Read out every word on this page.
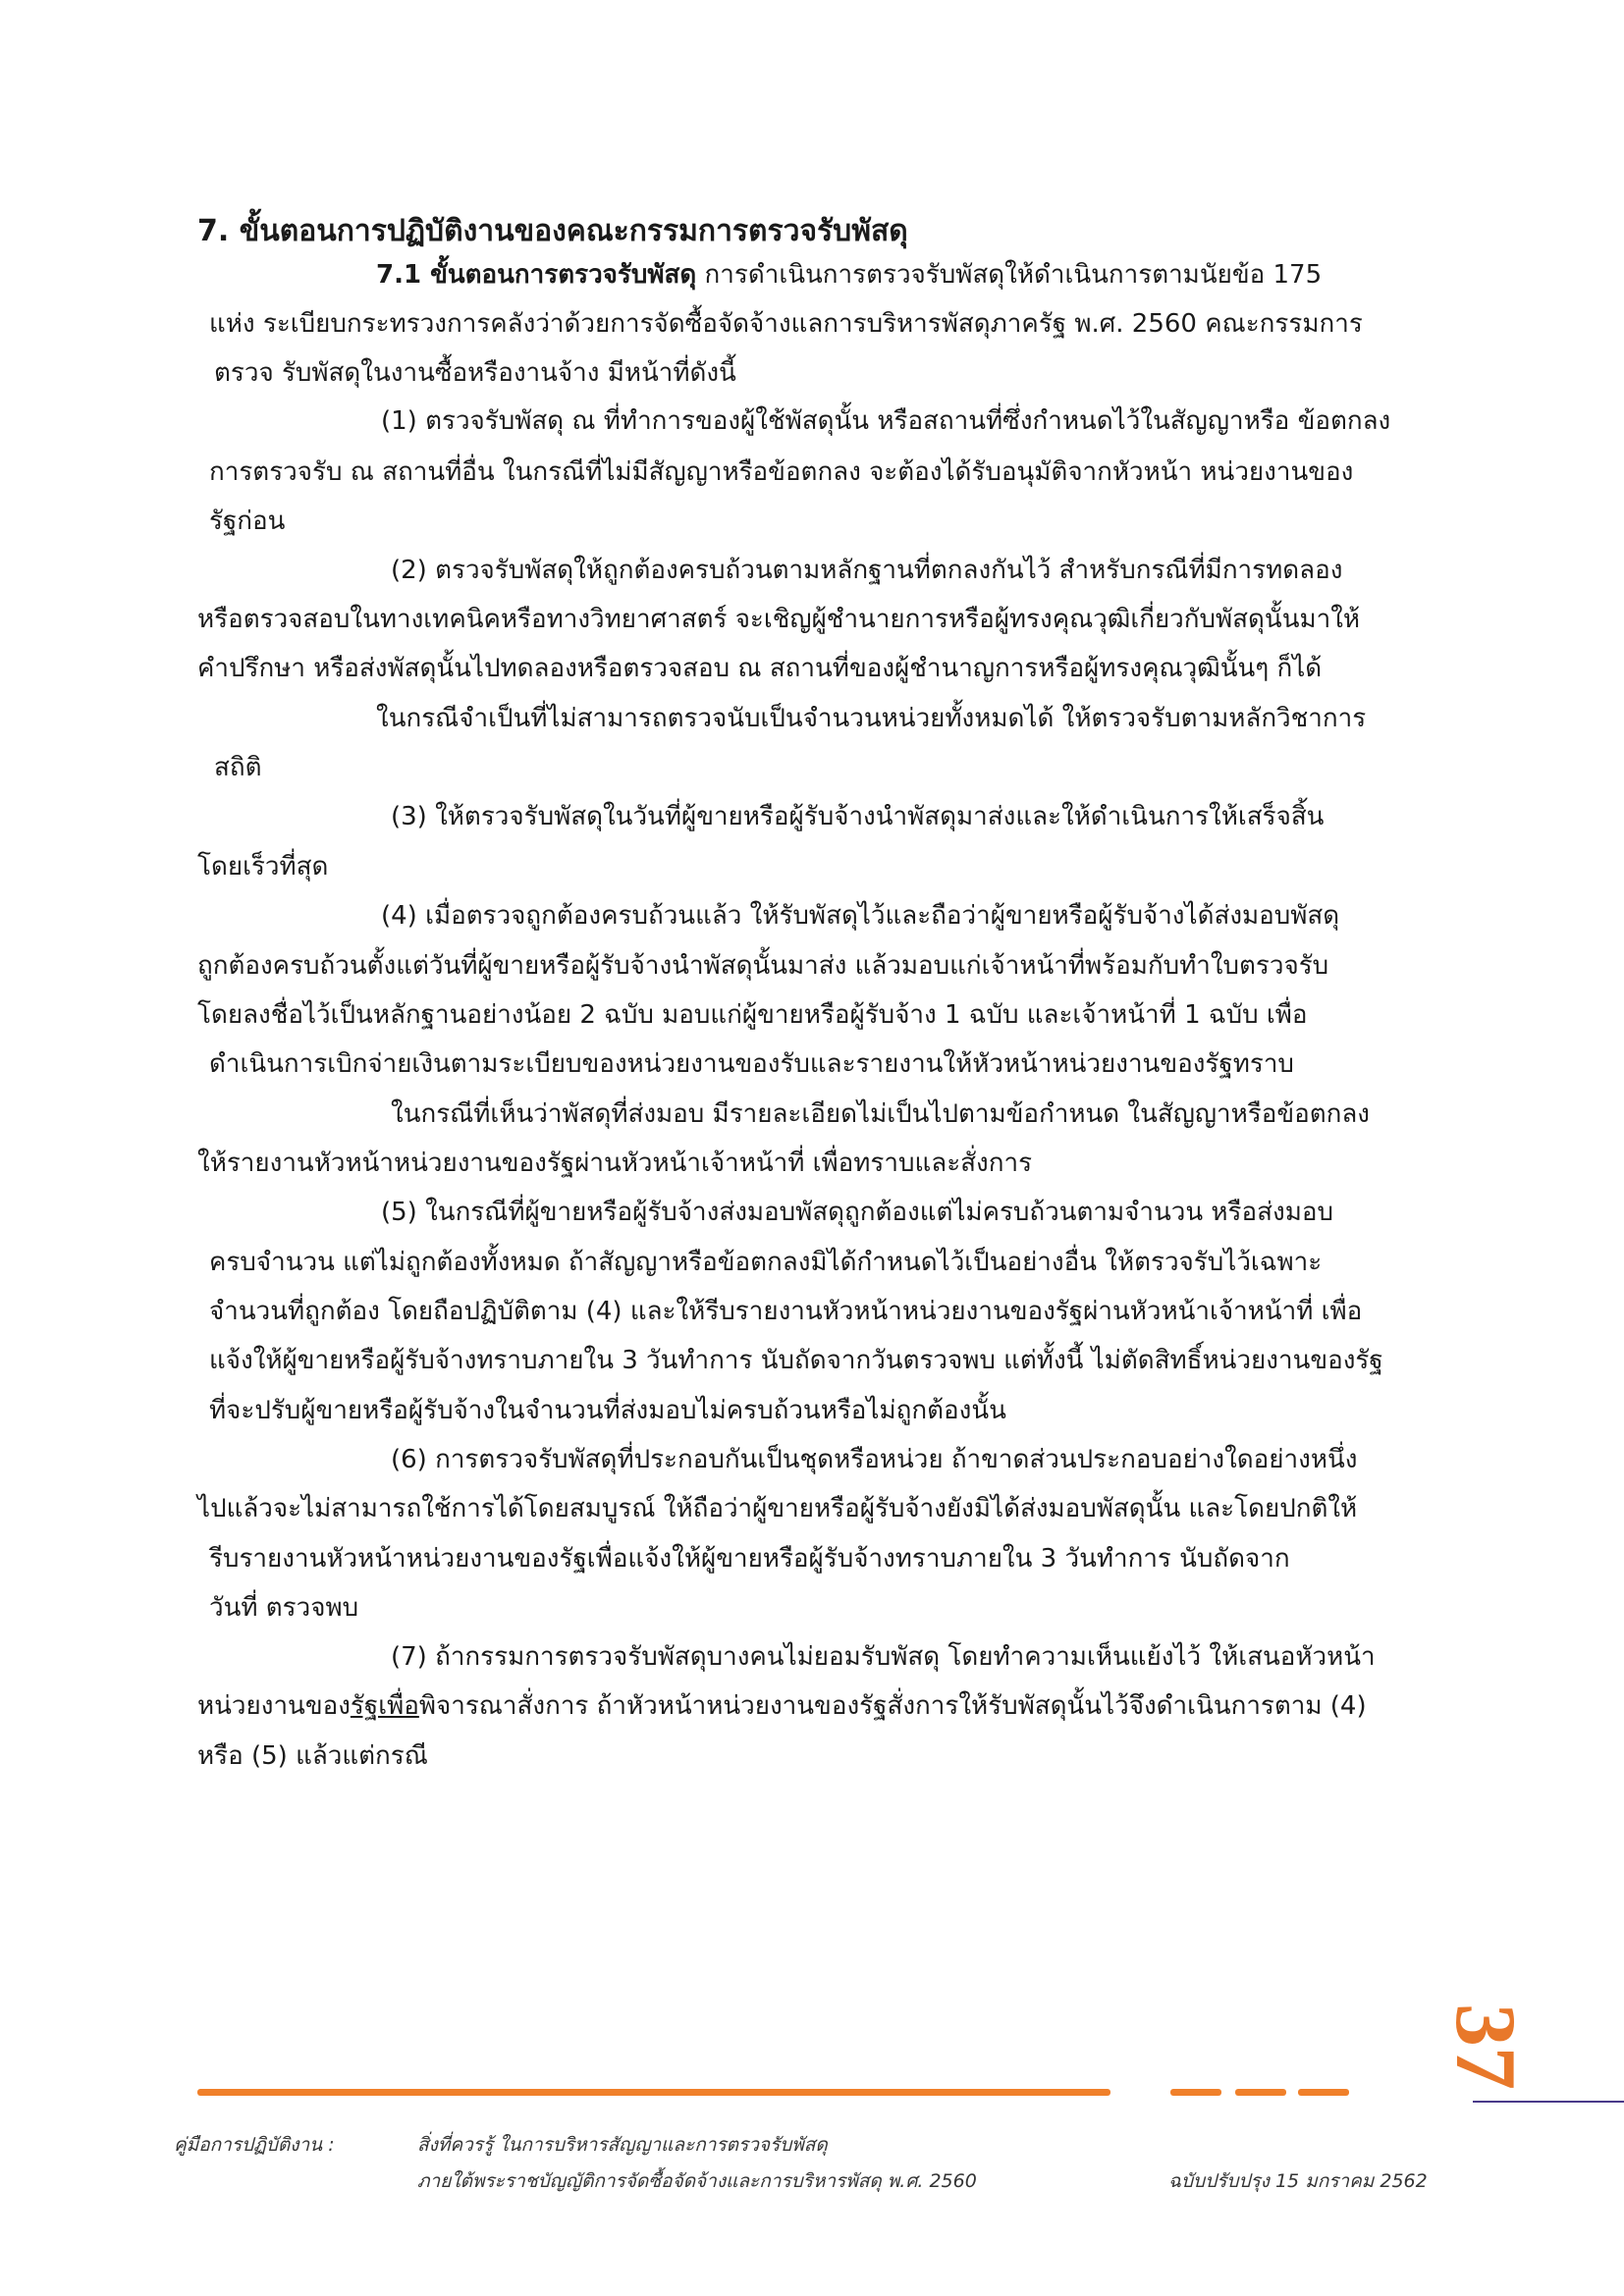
7. ขั้นตอนการปฏิบัติงานของคณะกรรมการตรวจรับพัสดุ

7.1 ขั้นตอนการตรวจรับพัสดุ การดำเนินการตรวจรับพัสดุให้ดำเนินการตามนัยข้อ 175

แห่ง ระเบียบกระทรวงการคลังว่าด้วยการจัดซื้อจัดจ้างแลการบริหารพัสดุภาครัฐ พ.ศ. 2560 คณะกรรมการ

ตรวจ รับพัสดุในงานซื้อหรืองานจ้าง มีหน้าที่ดังนี้

(1) ตรวจรับพัสดุ ณ ที่ทำการของผู้ใช้พัสดุนั้น หรือสถานที่ซึ่งกำหนดไว้ในสัญญาหรือ ข้อตกลง

การตรวจรับ ณ สถานที่อื่น ในกรณีที่ไม่มีสัญญาหรือข้อตกลง จะต้องได้รับอนุมัติจากหัวหน้า หน่วยงานของ

รัฐก่อน

(2) ตรวจรับพัสดุให้ถูกต้องครบถ้วนตามหลักฐานที่ตกลงกันไว้ สำหรับกรณีที่มีการทดลอง

หรือตรวจสอบในทางเทคนิคหรือทางวิทยาศาสตร์ จะเชิญผู้ชำนายการหรือผู้ทรงคุณวุฒิเกี่ยวกับพัสดุนั้นมาให้

คำปรึกษา หรือส่งพัสดุนั้นไปทดลองหรือตรวจสอบ ณ สถานที่ของผู้ชำนาญการหรือผู้ทรงคุณวุฒินั้นๆ ก็ได้

ในกรณีจำเป็นที่ไม่สามารถตรวจนับเป็นจำนวนหน่วยทั้งหมดได้ ให้ตรวจรับตามหลักวิชาการ

สถิติ

(3) ให้ตรวจรับพัสดุในวันที่ผู้ขายหรือผู้รับจ้างนำพัสดุมาส่งและให้ดำเนินการให้เสร็จสิ้น

โดยเร็วที่สุด

(4) เมื่อตรวจถูกต้องครบถ้วนแล้ว ให้รับพัสดุไว้และถือว่าผู้ขายหรือผู้รับจ้างได้ส่งมอบพัสดุ

ถูกต้องครบถ้วนตั้งแต่วันที่ผู้ขายหรือผู้รับจ้างนำพัสดุนั้นมาส่ง แล้วมอบแก่เจ้าหน้าที่พร้อมกับทำใบตรวจรับ

โดยลงชื่อไว้เป็นหลักฐานอย่างน้อย 2 ฉบับ มอบแก่ผู้ขายหรือผู้รับจ้าง 1 ฉบับ และเจ้าหน้าที่ 1 ฉบับ เพื่อ

ดำเนินการเบิกจ่ายเงินตามระเบียบของหน่วยงานของรับและรายงานให้หัวหน้าหน่วยงานของรัฐทราบ

ในกรณีที่เห็นว่าพัสดุที่ส่งมอบ มีรายละเอียดไม่เป็นไปตามข้อกำหนด ในสัญญาหรือข้อตกลง

ให้รายงานหัวหน้าหน่วยงานของรัฐผ่านหัวหน้าเจ้าหน้าที่ เพื่อทราบและสั่งการ

(5) ในกรณีที่ผู้ขายหรือผู้รับจ้างส่งมอบพัสดุถูกต้องแต่ไม่ครบถ้วนตามจำนวน หรือส่งมอบ

ครบจำนวน แต่ไม่ถูกต้องทั้งหมด ถ้าสัญญาหรือข้อตกลงมิได้กำหนดไว้เป็นอย่างอื่น ให้ตรวจรับไว้เฉพาะ

จำนวนที่ถูกต้อง โดยถือปฏิบัติตาม (4) และให้รีบรายงานหัวหน้าหน่วยงานของรัฐผ่านหัวหน้าเจ้าหน้าที่ เพื่อ

แจ้งให้ผู้ขายหรือผู้รับจ้างทราบภายใน 3 วันทำการ นับถัดจากวันตรวจพบ แต่ทั้งนี้ ไม่ตัดสิทธิ์หน่วยงานของรัฐ

ที่จะปรับผู้ขายหรือผู้รับจ้างในจำนวนที่ส่งมอบไม่ครบถ้วนหรือไม่ถูกต้องนั้น

(6) การตรวจรับพัสดุที่ประกอบกันเป็นชุดหรือหน่วย ถ้าขาดส่วนประกอบอย่างใดอย่างหนึ่ง

ไปแล้วจะไม่สามารถใช้การได้โดยสมบูรณ์ ให้ถือว่าผู้ขายหรือผู้รับจ้างยังมิได้ส่งมอบพัสดุนั้น และโดยปกติให้

รีบรายงานหัวหน้าหน่วยงานของรัฐเพื่อแจ้งให้ผู้ขายหรือผู้รับจ้างทราบภายใน 3 วันทำการ นับถัดจาก

วันที่ ตรวจพบ

(7) ถ้ากรรมการตรวจรับพัสดุบางคนไม่ยอมรับพัสดุ โดยทำความเห็นแย้งไว้ ให้เสนอหัวหน้า

หน่วยงานของรัฐเพื่อพิจารณาสั่งการ ถ้าหัวหน้าหน่วยงานของรัฐสั่งการให้รับพัสดุนั้นไว้จึงดำเนินการตาม (4)

หรือ (5) แล้วแต่กรณี

37

คู่มือการปฏิบัติงาน :	สิ่งที่ควรรู้ ในการบริหารสัญญาและการตรวจรับพัสดุ

ภายใต้พระราชบัญญัติการจัดซื้อจัดจ้างและการบริหารพัสดุ พ.ศ. 2560	ฉบับปรับปรุง 15 มกราคม 2562
